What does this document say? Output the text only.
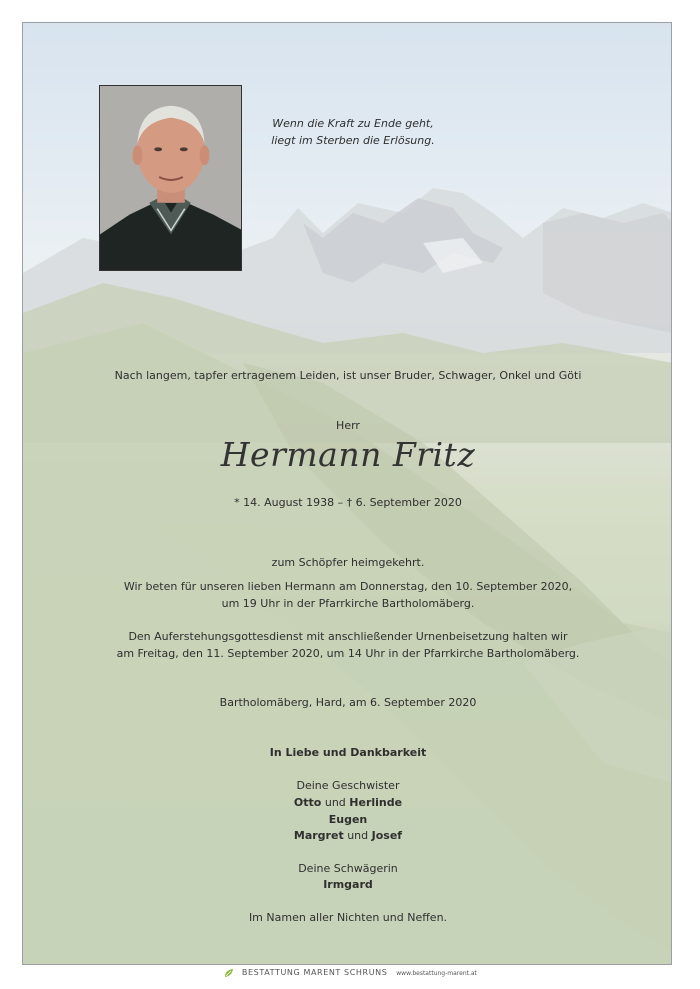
Wenn die Kraft zu Ende geht,
liegt im Sterben die Erlösung.
Nach langem, tapfer ertragenem Leiden, ist unser Bruder, Schwager, Onkel und Göti
Herr
Hermann Fritz
* 14. August 1938 – † 6. September 2020
zum Schöpfer heimgekehrt.
Wir beten für unseren lieben Hermann am Donnerstag, den 10. September 2020,
um 19 Uhr in der Pfarrkirche Bartholomäberg.
Den Auferstehungsgottesdienst mit anschließender Urnenbeisetzung halten wir
am Freitag, den 11. September 2020, um 14 Uhr in der Pfarrkirche Bartholomäberg.
Bartholomäberg, Hard, am 6. September 2020
In Liebe und Dankbarkeit
Deine Geschwister
Otto und Herlinde
Eugen
Margret und Josef
Deine Schwägerin
Irmgard
Im Namen aller Nichten und Neffen.
BESTATTUNG MARENT SCHRUNS www.bestattung-marent.at
